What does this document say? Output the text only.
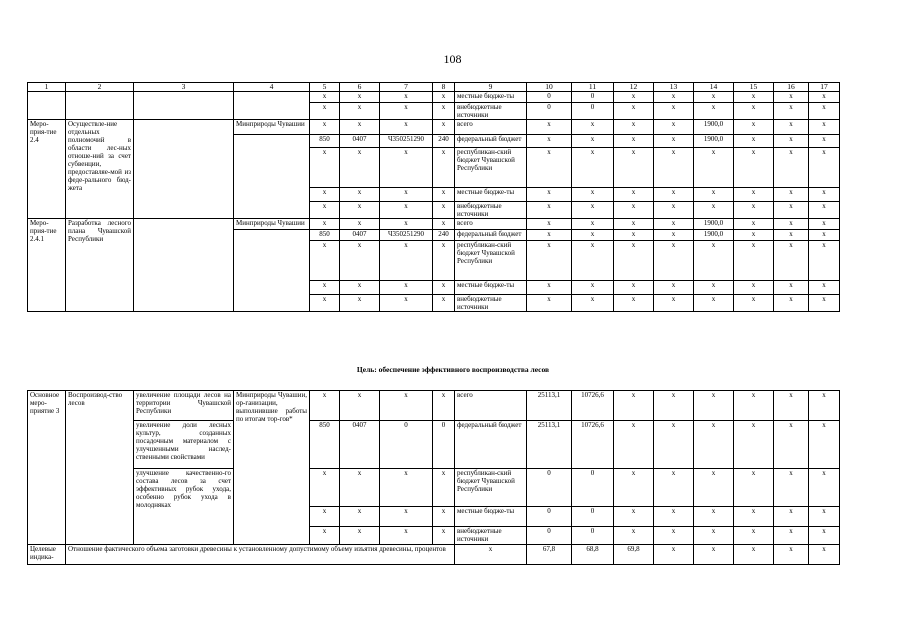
108
1	2	3	4	5	6	7	8	9	10	11	12	13	14	15	16	17
				х	х	х	х	местные бюдже-ты	0	0	х	х	х	х	х	х
				х	х	х	х	внебюджетные источники	0	0	х	х	х	х	х	х
Меро-прия-тие 2.4	Осуществле-ние отдельных полномочий в области лес-ных отноше-ний за счет субвенции, предоставляе-мой из феде-рального бюд-жета		Минприроды Чувашии	х	х	х	х	всего	х	х	х	х	1900,0	х	х	х
				850	0407	Ч350251290	240	федеральный бюджет	х	х	х	х	1900,0	х	х	х
				х	х	х	х	республикан-ский бюджет Чувашской Республики	х	х	х	х	х	х	х	х
				х	х	х	х	местные бюдже-ты	х	х	х	х	х	х	х	х
				х	х	х	х	внебюджетные источники	х	х	х	х	х	х	х	х
Меро-прия-тие 2.4.1	Разработка лесного плана Чувашской Республики		Минприроды Чувашии	х	х	х	х	всего	х	х	х	х	1900,0	х	х	х
				850	0407	Ч350251290	240	федеральный бюджет	х	х	х	х	1900,0	х	х	х
				х	х	х	х	республикан-ский бюджет Чувашской Республики	х	х	х	х	х	х	х	х
				х	х	х	х	местные бюдже-ты	х	х	х	х	х	х	х	х
				х	х	х	х	внебюджетные источники	х	х	х	х	х	х	х	х
Цель: обеспечение эффективного воспроизводства лесов
Основное меро-приятие 3	Воспроизвод-ство лесов	увеличение площади лесов на территории Чувашской Республики	Минприроды Чувашии, ор-ганизации, выполнившие работы по итогам тор-гов*	х	х	х	х	всего	25113,1	10726,6	х	х	х	х	х	х
		увеличение доли лесных культур, созданных посадочным материалом с улучшенными наслед-ственными свойствами		850	0407	0	0	федеральный бюджет	25113,1	10726,6	х	х	х	х	х	х
		улучшение качественно-го состава лесов за счет эффективных рубок ухода, особенно рубок ухода в молодняках		х	х	х	х	республикан-ский бюджет Чувашской Республики	0	0	х	х	х	х	х	х
				х	х	х	х	местные бюдже-ты	0	0	х	х	х	х	х	х
				х	х	х	х	внебюджетные источники	0	0	х	х	х	х	х	х
Целевые индика-	Отношение фактического объема заготовки древесины к установленному допустимому объему изъятия древесины, процентов							х	67,8	68,8	69,8	х	х	х	х	х
